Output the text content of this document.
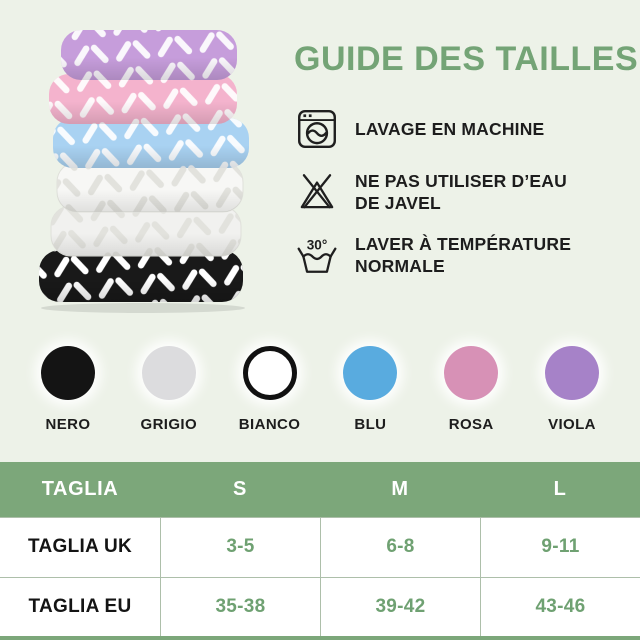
GUIDE DES TAILLES
LAVAGE EN MACHINE
NE PAS UTILISER D’EAU DE JAVEL
30° LAVER À TEMPÉRATURE NORMALE
NERO	GRIGIO	BIANCO	BLU	ROSA	VIOLA
TAGLIA	S	M	L
TAGLIA UK	3-5	6-8	9-11
TAGLIA EU	35-38	39-42	43-46
